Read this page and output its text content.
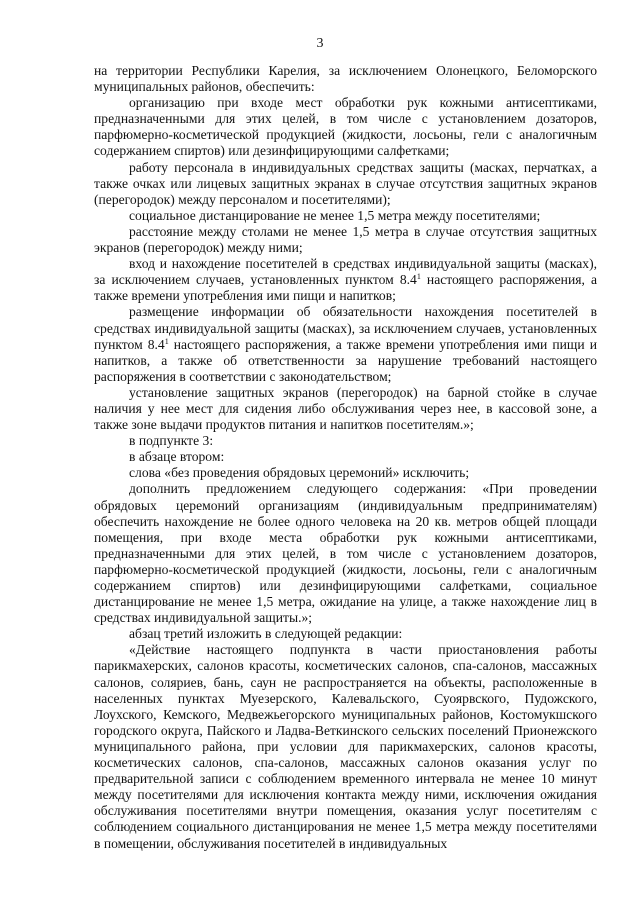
3

на территории Республики Карелия, за исключением Олонецкого, Беломорского муниципальных районов, обеспечить:

организацию при входе мест обработки рук кожными антисептиками, предназначенными для этих целей, в том числе с установлением дозаторов, парфюмерно-косметической продукцией (жидкости, лосьоны, гели с аналогичным содержанием спиртов) или дезинфицирующими салфетками;

работу персонала в индивидуальных средствах защиты (масках, перчатках, а также очках или лицевых защитных экранах в случае отсутствия защитных экранов (перегородок) между персоналом и посетителями);

социальное дистанцирование не менее 1,5 метра между посетителями;

расстояние между столами не менее 1,5 метра в случае отсутствия защитных экранов (перегородок) между ними;

вход и нахождение посетителей в средствах индивидуальной защиты (масках), за исключением случаев, установленных пунктом $8.4^1$ настоящего распоряжения, а также времени употребления ими пищи и напитков;

размещение информации об обязательности нахождения посетителей в средствах индивидуальной защиты (масках), за исключением случаев, установленных пунктом $8.4^1$ настоящего распоряжения, а также времени употребления ими пищи и напитков, а также об ответственности за нарушение требований настоящего распоряжения в соответствии с законодательством;

установление защитных экранов (перегородок) на барной стойке в случае наличия у нее мест для сидения либо обслуживания через нее, в кассовой зоне, а также зоне выдачи продуктов питания и напитков посетителям.»;

в подпункте 3:

в абзаце втором:

слова «без проведения обрядовых церемоний» исключить;

дополнить предложением следующего содержания: «При проведении обрядовых церемоний организациям (индивидуальным предпринимателям) обеспечить нахождение не более одного человека на 20 кв. метров общей площади помещения, при входе места обработки рук кожными антисептиками, предназначенными для этих целей, в том числе с установлением дозаторов, парфюмерно-косметической продукцией (жидкости, лосьоны, гели с аналогичным содержанием спиртов) или дезинфицирующими салфетками, социальное дистанцирование не менее 1,5 метра, ожидание на улице, а также нахождение лиц в средствах индивидуальной защиты.»;

абзац третий изложить в следующей редакции:

«Действие настоящего подпункта в части приостановления работы парикмахерских, салонов красоты, косметических салонов, спа-салонов, массажных салонов, соляриев, бань, саун не распространяется на объекты, расположенные в населенных пунктах Муезерского, Калевальского, Суоярвского, Пудожского, Лоухского, Кемского, Медвежьегорского муниципальных районов, Костомукшского городского округа, Пайского и Ладва-Веткинского сельских поселений Прионежского муниципального района, при условии для парикмахерских, салонов красоты, косметических салонов, спа-салонов, массажных салонов оказания услуг по предварительной записи с соблюдением временного интервала не менее 10 минут между посетителями для исключения контакта между ними, исключения ожидания обслуживания посетителями внутри помещения, оказания услуг посетителям с соблюдением социального дистанцирования не менее 1,5 метра между посетителями в помещении, обслуживания посетителей в индивидуальных
